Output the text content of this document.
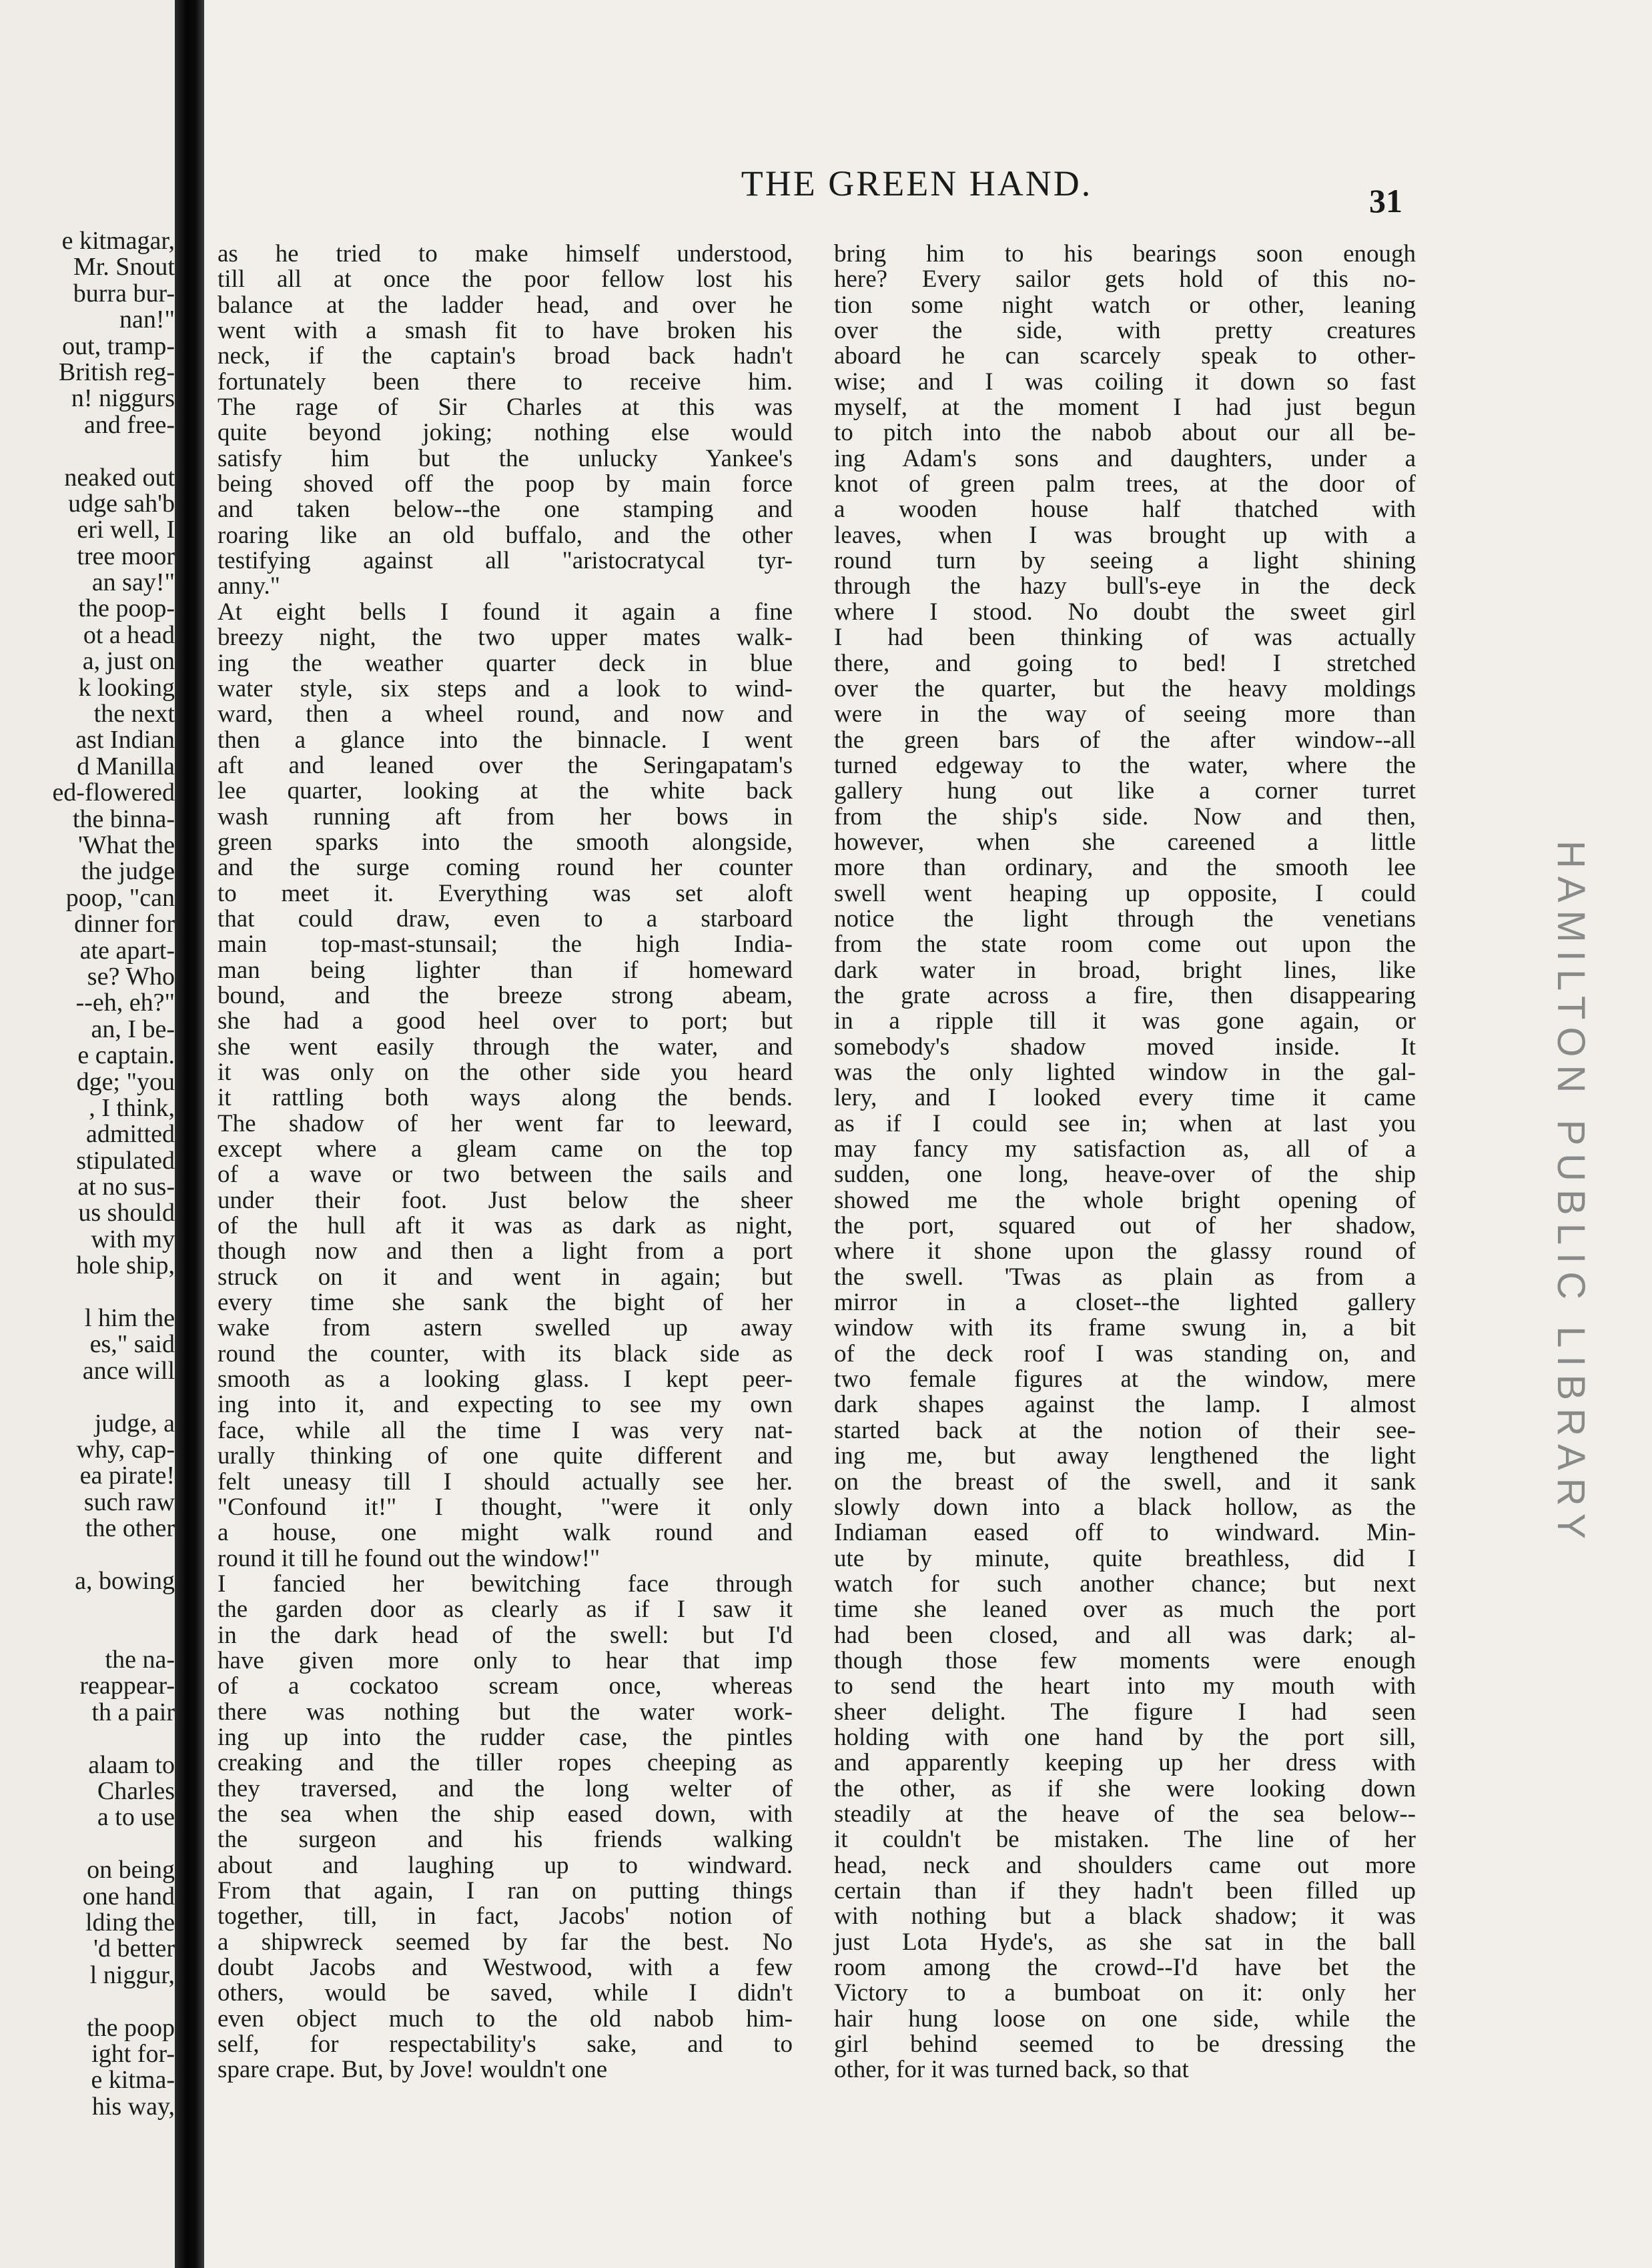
e kitmagar,
Mr. Snout
burra bur-
nan!"
out, tramp-
British reg-
n! niggurs
and free-
neaked out
udge sah'b
eri well, I
tree moor
an say!"
the poop-
ot a head
a, just on
k looking
the next
ast Indian
d Manilla
ed-flowered
the binna-
'What the
the judge
poop, "can
dinner for
ate apart-
se? Who
--eh, eh?"
an, I be-
e captain.
dge; "you
, I think,
admitted
stipulated
at no sus-
us should
with my
hole ship,
l him the
es," said
ance will
judge, a
why, cap-
ea pirate!
such raw
the other
a, bowing
the na-
reappear-
th a pair
alaam to
Charles
a to use
on being
one hand
lding the
'd better
l niggur,
the poop
ight for-
e kitma-
his way,
THE GREEN HAND.	31
as he tried to make himself understood,
till all at once the poor fellow lost his
balance at the ladder head, and over he
went with a smash fit to have broken his
neck, if the captain's broad back hadn't
fortunately been there to receive him.
The rage of Sir Charles at this was
quite beyond joking; nothing else would
satisfy him but the unlucky Yankee's
being shoved off the poop by main force
and taken below--the one stamping and
roaring like an old buffalo, and the other
testifying against all "aristocratycal tyr-
anny."
At eight bells I found it again a fine
breezy night, the two upper mates walk-
ing the weather quarter deck in blue
water style, six steps and a look to wind-
ward, then a wheel round, and now and
then a glance into the binnacle. I went
aft and leaned over the Seringapatam's
lee quarter, looking at the white back
wash running aft from her bows in
green sparks into the smooth alongside,
and the surge coming round her counter
to meet it. Everything was set aloft
that could draw, even to a starboard
main top-mast-stunsail; the high India-
man being lighter than if homeward
bound, and the breeze strong abeam,
she had a good heel over to port; but
she went easily through the water, and
it was only on the other side you heard
it rattling both ways along the bends.
The shadow of her went far to leeward,
except where a gleam came on the top
of a wave or two between the sails and
under their foot. Just below the sheer
of the hull aft it was as dark as night,
though now and then a light from a port
struck on it and went in again; but
every time she sank the bight of her
wake from astern swelled up away
round the counter, with its black side as
smooth as a looking glass. I kept peer-
ing into it, and expecting to see my own
face, while all the time I was very nat-
urally thinking of one quite different and
felt uneasy till I should actually see her.
"Confound it!" I thought, "were it only
a house, one might walk round and
round it till he found out the window!"
I fancied her bewitching face through
the garden door as clearly as if I saw it
in the dark head of the swell: but I'd
have given more only to hear that imp
of a cockatoo scream once, whereas
there was nothing but the water work-
ing up into the rudder case, the pintles
creaking and the tiller ropes cheeping as
they traversed, and the long welter of
the sea when the ship eased down, with
the surgeon and his friends walking
about and laughing up to windward.
From that again, I ran on putting things
together, till, in fact, Jacobs' notion of
a shipwreck seemed by far the best. No
doubt Jacobs and Westwood, with a few
others, would be saved, while I didn't
even object much to the old nabob him-
self, for respectability's sake, and to
spare crape. But, by Jove! wouldn't one
bring him to his bearings soon enough
here? Every sailor gets hold of this no-
tion some night watch or other, leaning
over the side, with pretty creatures
aboard he can scarcely speak to other-
wise; and I was coiling it down so fast
myself, at the moment I had just begun
to pitch into the nabob about our all be-
ing Adam's sons and daughters, under a
knot of green palm trees, at the door of
a wooden house half thatched with
leaves, when I was brought up with a
round turn by seeing a light shining
through the hazy bull's-eye in the deck
where I stood. No doubt the sweet girl
I had been thinking of was actually
there, and going to bed! I stretched
over the quarter, but the heavy moldings
were in the way of seeing more than
the green bars of the after window--all
turned edgeway to the water, where the
gallery hung out like a corner turret
from the ship's side. Now and then,
however, when she careened a little
more than ordinary, and the smooth lee
swell went heaping up opposite, I could
notice the light through the venetians
from the state room come out upon the
dark water in broad, bright lines, like
the grate across a fire, then disappearing
in a ripple till it was gone again, or
somebody's shadow moved inside. It
was the only lighted window in the gal-
lery, and I looked every time it came
as if I could see in; when at last you
may fancy my satisfaction as, all of a
sudden, one long, heave-over of the ship
showed me the whole bright opening of
the port, squared out of her shadow,
where it shone upon the glassy round of
the swell. 'Twas as plain as from a
mirror in a closet--the lighted gallery
window with its frame swung in, a bit
of the deck roof I was standing on, and
two female figures at the window, mere
dark shapes against the lamp. I almost
started back at the notion of their see-
ing me, but away lengthened the light
on the breast of the swell, and it sank
slowly down into a black hollow, as the
Indiaman eased off to windward. Min-
ute by minute, quite breathless, did I
watch for such another chance; but next
time she leaned over as much the port
had been closed, and all was dark; al-
though those few moments were enough
to send the heart into my mouth with
sheer delight. The figure I had seen
holding with one hand by the port sill,
and apparently keeping up her dress with
the other, as if she were looking down
steadily at the heave of the sea below--
it couldn't be mistaken. The line of her
head, neck and shoulders came out more
certain than if they hadn't been filled up
with nothing but a black shadow; it was
just Lota Hyde's, as she sat in the ball
room among the crowd--I'd have bet the
Victory to a bumboat on it: only her
hair hung loose on one side, while the
girl behind seemed to be dressing the
other, for it was turned back, so that
HAMILTON PUBLIC LIBRARY
